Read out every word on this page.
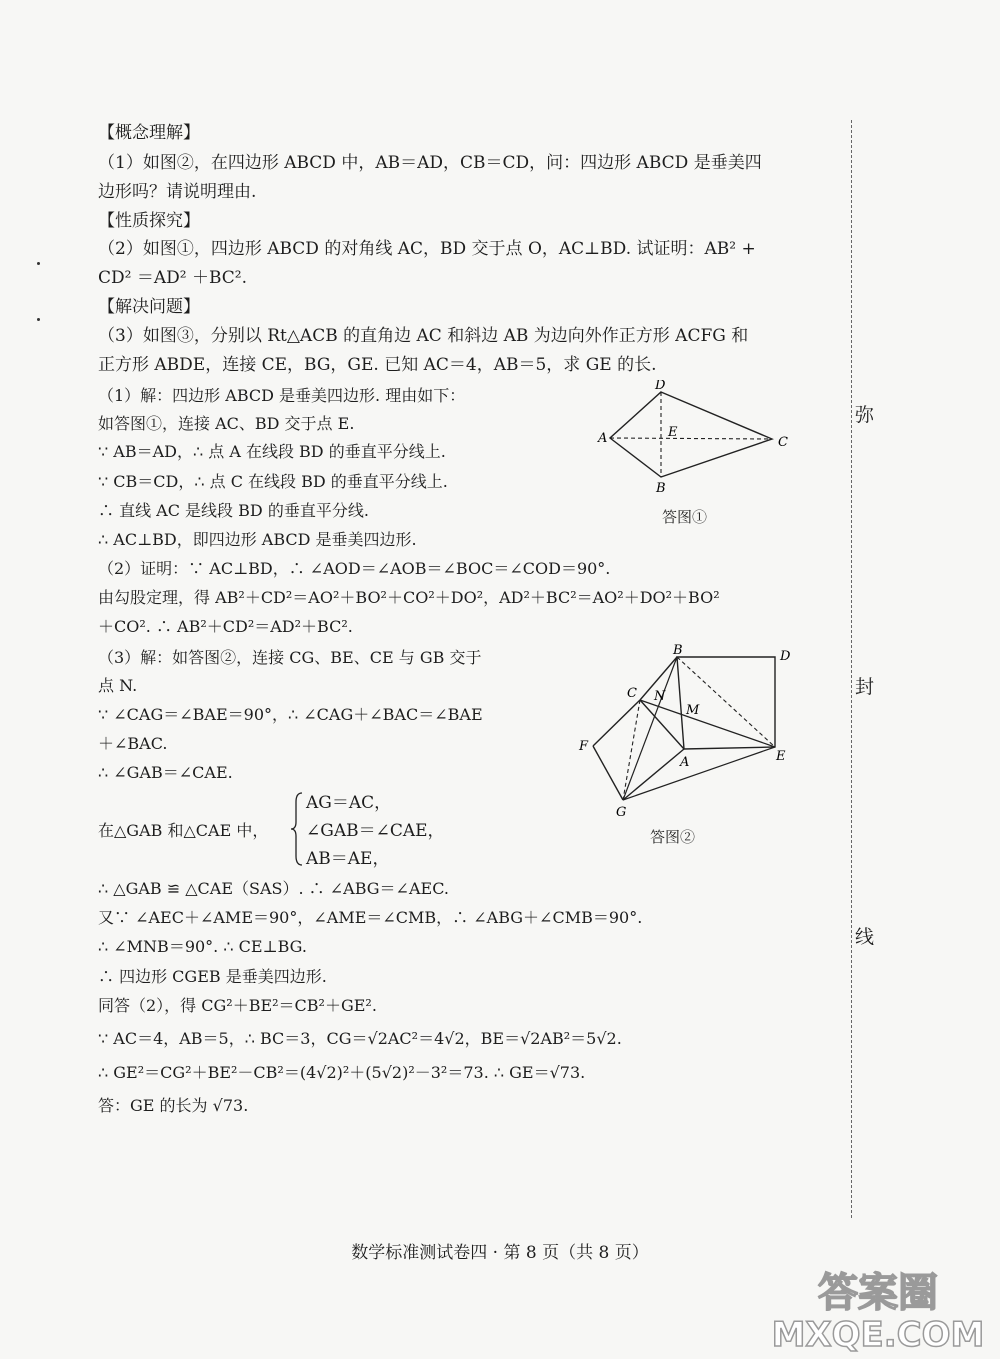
弥
封
线
【概念理解】
（1）如图②，在四边形 ABCD 中，AB＝AD，CB＝CD，问：四边形 ABCD 是垂美四
边形吗？请说明理由.
【性质探究】
（2）如图①，四边形 ABCD 的对角线 AC，BD 交于点 O，AC⊥BD. 试证明：AB² +
CD² ＝AD² ＋BC².
【解决问题】
（3）如图③，分别以 Rt△ACB 的直角边 AC 和斜边 AB 为边向外作正方形 ACFG 和
正方形 ABDE，连接 CE，BG，GE. 已知 AC＝4，AB＝5，求 GE 的长.
（1）解：四边形 ABCD 是垂美四边形. 理由如下：
如答图①，连接 AC、BD 交于点 E.
∵ AB＝AD，∴ 点 A 在线段 BD 的垂直平分线上.
∵ CB＝CD，∴ 点 C 在线段 BD 的垂直平分线上.
∴ 直线 AC 是线段 BD 的垂直平分线.
∴ AC⊥BD，即四边形 ABCD 是垂美四边形.
D
A	C
E
B
答图①
（2）证明：∵ AC⊥BD，∴ ∠AOD＝∠AOB＝∠BOC＝∠COD＝90°.
由勾股定理，得 AB²＋CD²＝AO²＋BO²＋CO²＋DO²，AD²＋BC²＝AO²＋DO²＋BO²
＋CO². ∴ AB²＋CD²＝AD²＋BC².
（3）解：如答图②，连接 CG、BE、CE 与 GB 交于
点 N.
∵ ∠CAG＝∠BAE＝90°，∴ ∠CAG＋∠BAC＝∠BAE
＋∠BAC.
∴ ∠GAB＝∠CAE.
在△GAB 和△CAE 中，
AG＝AC，
∠GAB＝∠CAE，
AB＝AE，
∴ △GAB ≌ △CAE（SAS）. ∴ ∠ABG＝∠AEC.
又∵ ∠AEC＋∠AME＝90°，∠AME＝∠CMB，∴ ∠ABG＋∠CMB＝90°.
∴ ∠MNB＝90°. ∴ CE⊥BG.
∴ 四边形 CGEB 是垂美四边形.
同答（2），得 CG²＋BE²＝CB²＋GE².
∵ AC＝4，AB＝5，∴ BC＝3，CG＝√2AC²＝4√2，BE＝√2AB²＝5√2.
∴ GE²＝CG²＋BE²－CB²＝(4√2)²＋(5√2)²－3²＝73. ∴ GE＝√73.
答：GE 的长为 √73.
B	D
C N
M
F
A	E
G
答图②
数学标准测试卷四 · 第 8 页（共 8 页）
答案圈
MXQE.COM
